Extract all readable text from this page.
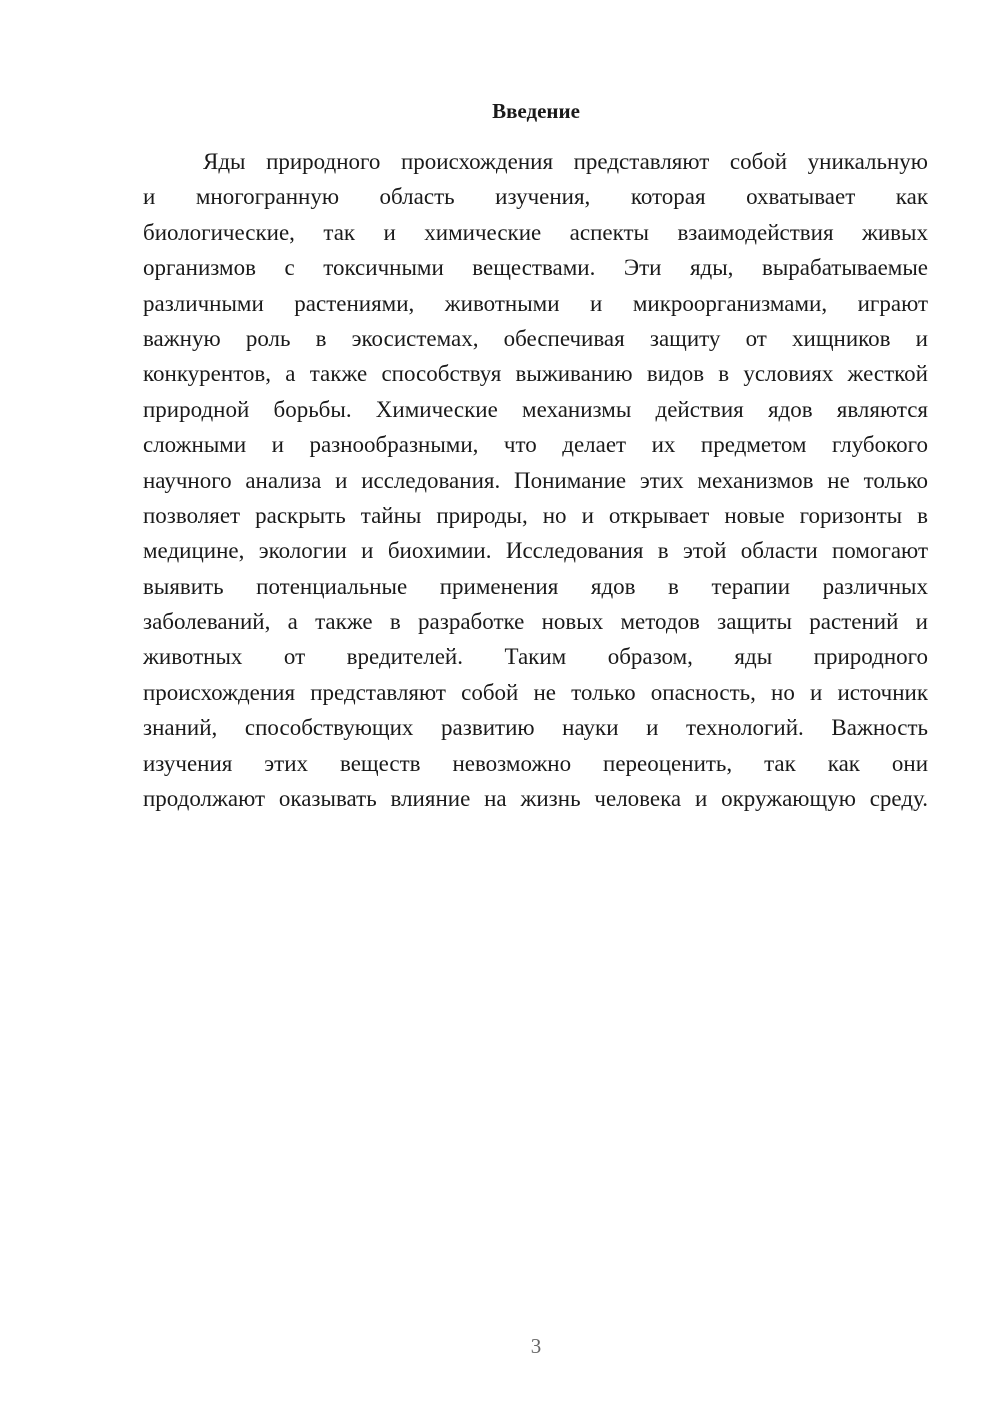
Введение
Яды природного происхождения представляют собой уникальную
и многогранную область изучения, которая охватывает как
биологические, так и химические аспекты взаимодействия живых
организмов с токсичными веществами. Эти яды, вырабатываемые
различными растениями, животными и микроорганизмами, играют
важную роль в экосистемах, обеспечивая защиту от хищников и
конкурентов, а также способствуя выживанию видов в условиях жесткой
природной борьбы. Химические механизмы действия ядов являются
сложными и разнообразными, что делает их предметом глубокого
научного анализа и исследования. Понимание этих механизмов не только
позволяет раскрыть тайны природы, но и открывает новые горизонты в
медицине, экологии и биохимии. Исследования в этой области помогают
выявить потенциальные применения ядов в терапии различных
заболеваний, а также в разработке новых методов защиты растений и
животных от вредителей. Таким образом, яды природного
происхождения представляют собой не только опасность, но и источник
знаний, способствующих развитию науки и технологий. Важность
изучения этих веществ невозможно переоценить, так как они
продолжают оказывать влияние на жизнь человека и окружающую среду.
3
